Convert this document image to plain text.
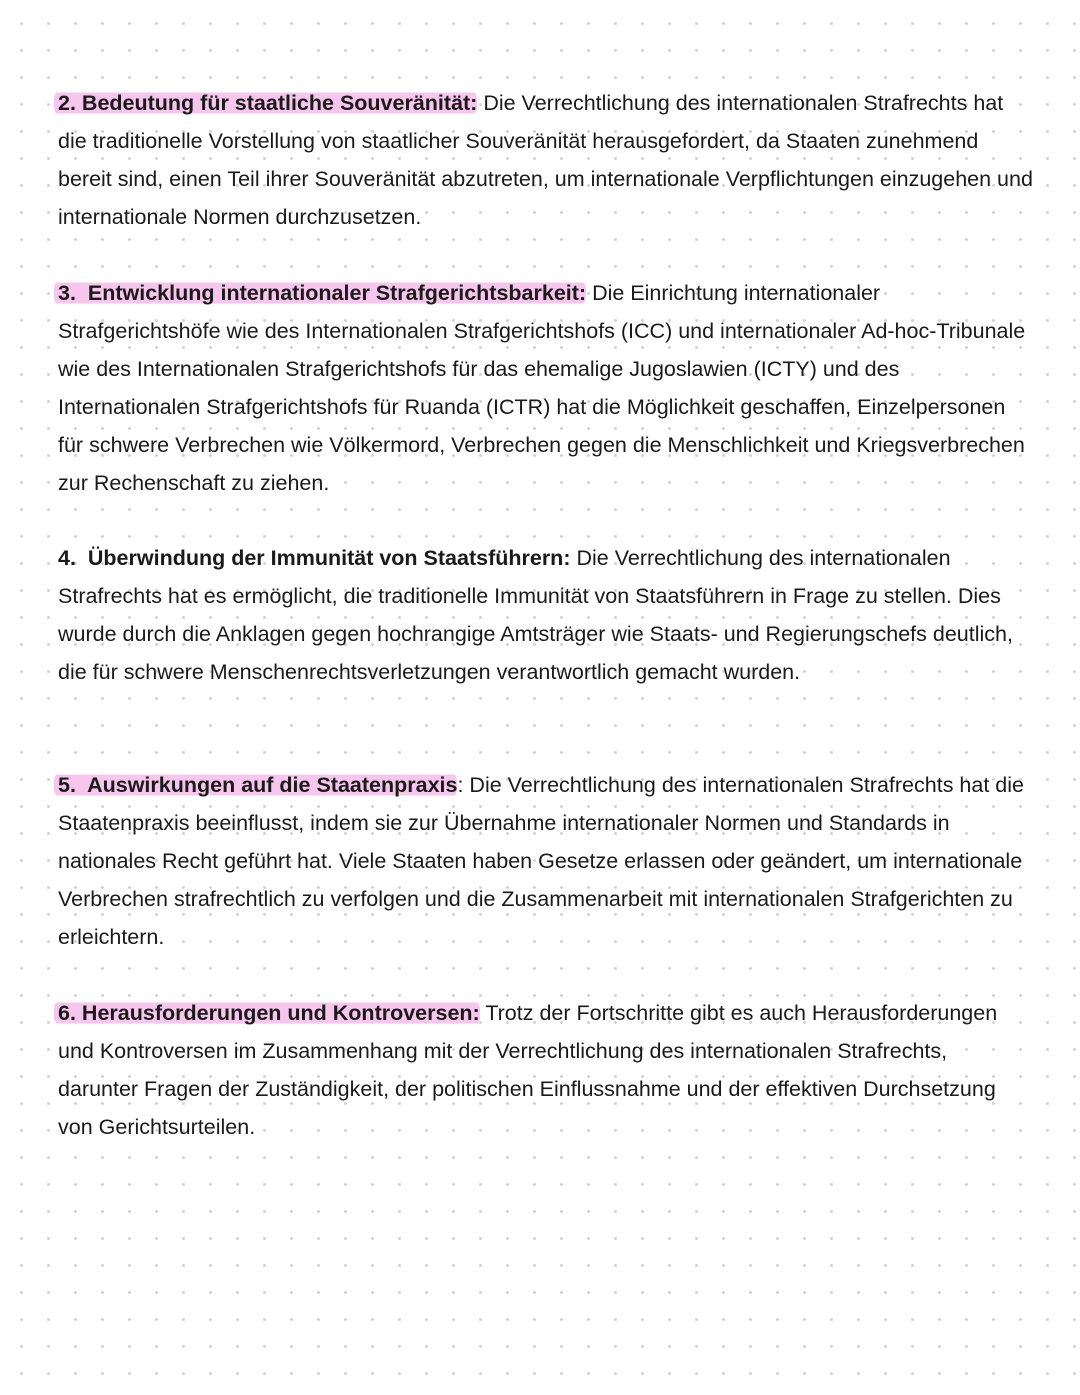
2. Bedeutung für staatliche Souveränität: Die Verrechtlichung des internationalen Strafrechts hat die traditionelle Vorstellung von staatlicher Souveränität herausgefordert, da Staaten zunehmend bereit sind, einen Teil ihrer Souveränität abzutreten, um internationale Verpflichtungen einzugehen und internationale Normen durchzusetzen.

3. Entwicklung internationaler Strafgerichtsbarkeit: Die Einrichtung internationaler Strafgerichtshöfe wie des Internationalen Strafgerichtshofs (ICC) und internationaler Ad-hoc-Tribunale wie des Internationalen Strafgerichtshofs für das ehemalige Jugoslawien (ICTY) und des Internationalen Strafgerichtshofs für Ruanda (ICTR) hat die Möglichkeit geschaffen, Einzelpersonen für schwere Verbrechen wie Völkermord, Verbrechen gegen die Menschlichkeit und Kriegsverbrechen zur Rechenschaft zu ziehen.

4. Überwindung der Immunität von Staatsführern: Die Verrechtlichung des internationalen Strafrechts hat es ermöglicht, die traditionelle Immunität von Staatsführern in Frage zu stellen. Dies wurde durch die Anklagen gegen hochrangige Amtsträger wie Staats- und Regierungschefs deutlich, die für schwere Menschenrechtsverletzungen verantwortlich gemacht wurden.

5. Auswirkungen auf die Staatenpraxis: Die Verrechtlichung des internationalen Strafrechts hat die Staatenpraxis beeinflusst, indem sie zur Übernahme internationaler Normen und Standards in nationales Recht geführt hat. Viele Staaten haben Gesetze erlassen oder geändert, um internationale Verbrechen strafrechtlich zu verfolgen und die Zusammenarbeit mit internationalen Strafgerichten zu erleichtern.

6. Herausforderungen und Kontroversen: Trotz der Fortschritte gibt es auch Herausforderungen und Kontroversen im Zusammenhang mit der Verrechtlichung des internationalen Strafrechts, darunter Fragen der Zuständigkeit, der politischen Einflussnahme und der effektiven Durchsetzung von Gerichtsurteilen.
